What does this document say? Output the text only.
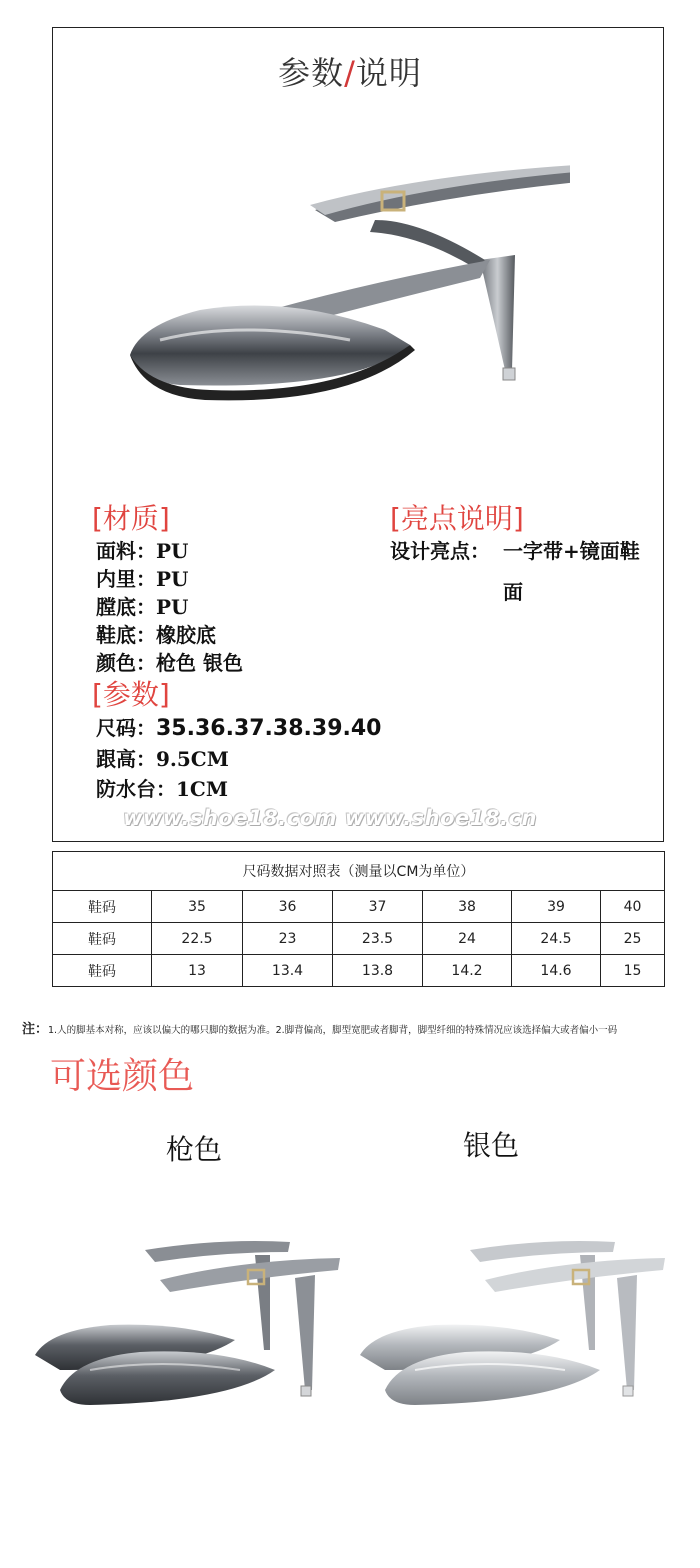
参数/说明
[材质]
面料：PU
内里：PU
膛底：PU
鞋底：橡胶底
颜色：枪色 银色
[亮点说明]
设计亮点： 一字带+镜面鞋
面
[参数]
尺码：35.36.37.38.39.40
跟高：9.5CM
防水台：1CM
www.shoe18.com www.shoe18.cn
尺码数据对照表（测量以CM为单位）						
鞋码	35	36	37	38	39	40
鞋码	22.5	23	23.5	24	24.5	25
鞋码	13	13.4	13.8	14.2	14.6	15
注：1.人的脚基本对称，应该以偏大的哪只脚的数据为准。2.脚背偏高，脚型宽肥或者脚背，脚型纤细的特殊情况应该选择偏大或者偏小一码
可选颜色
枪色	银色
